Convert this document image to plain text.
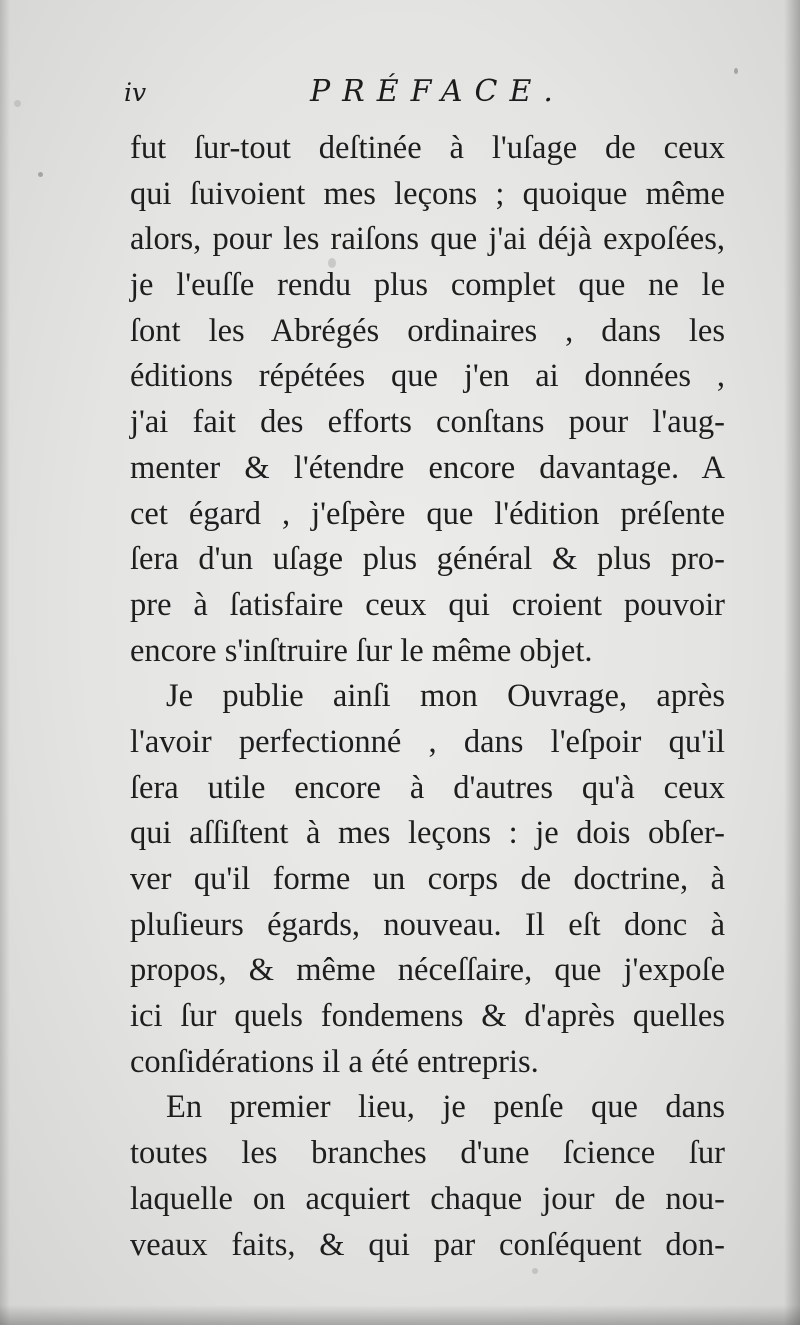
iv	PRÉFACE.
fut ſur-tout deſtinée à l'uſage de ceux
qui ſuivoient mes leçons ; quoique même
alors, pour les raiſons que j'ai déjà expoſées,
je l'euſſe rendu plus complet que ne le
ſont les Abrégés ordinaires , dans les
éditions répétées que j'en ai données ,
j'ai fait des efforts conſtans pour l'aug-
menter & l'étendre encore davantage. A
cet égard , j'eſpère que l'édition préſente
ſera d'un uſage plus général & plus pro-
pre à ſatisfaire ceux qui croient pouvoir
encore s'inſtruire ſur le même objet.
Je publie ainſi mon Ouvrage, après
l'avoir perfectionné , dans l'eſpoir qu'il
ſera utile encore à d'autres qu'à ceux
qui aſſiſtent à mes leçons : je dois obſer-
ver qu'il forme un corps de doctrine, à
pluſieurs égards, nouveau. Il eſt donc à
propos, & même néceſſaire, que j'expoſe
ici ſur quels fondemens & d'après quelles
conſidérations il a été entrepris.
En premier lieu, je penſe que dans
toutes les branches d'une ſcience ſur
laquelle on acquiert chaque jour de nou-
veaux faits, & qui par conſéquent don-
